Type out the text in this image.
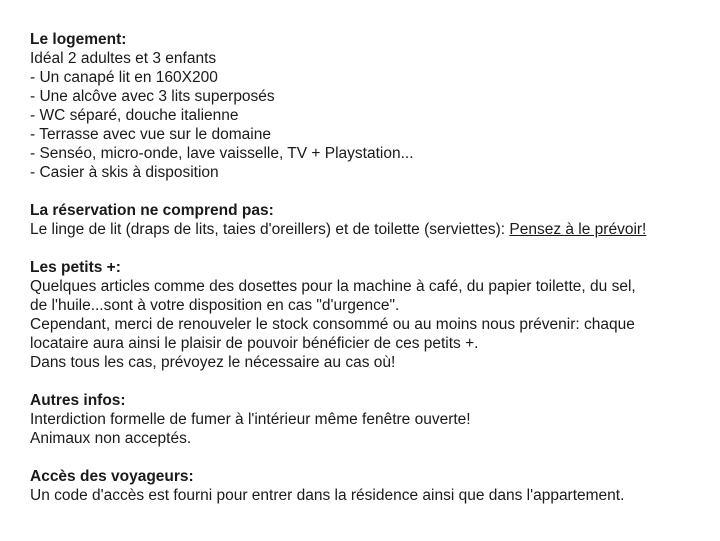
Le logement:
Idéal 2 adultes et 3 enfants
- Un canapé lit en 160X200
- Une alcôve avec 3 lits superposés
- WC séparé, douche italienne
- Terrasse avec vue sur le domaine
- Senséo, micro-onde, lave vaisselle, TV + Playstation...
- Casier à skis à disposition
La réservation ne comprend pas:
Le linge de lit (draps de lits, taies d'oreillers) et de toilette (serviettes): Pensez à le prévoir!
Les petits +:
Quelques articles comme des dosettes pour la machine à café, du papier toilette, du sel,
de l'huile...sont à votre disposition en cas "d'urgence".
Cependant, merci de renouveler le stock consommé ou au moins nous prévenir: chaque
locataire aura ainsi le plaisir de pouvoir bénéficier de ces petits +.
Dans tous les cas, prévoyez le nécessaire au cas où!
Autres infos:
Interdiction formelle de fumer à l'intérieur même fenêtre ouverte!
Animaux non acceptés.
Accès des voyageurs:
Un code d'accès est fourni pour entrer dans la résidence ainsi que dans l'appartement.
